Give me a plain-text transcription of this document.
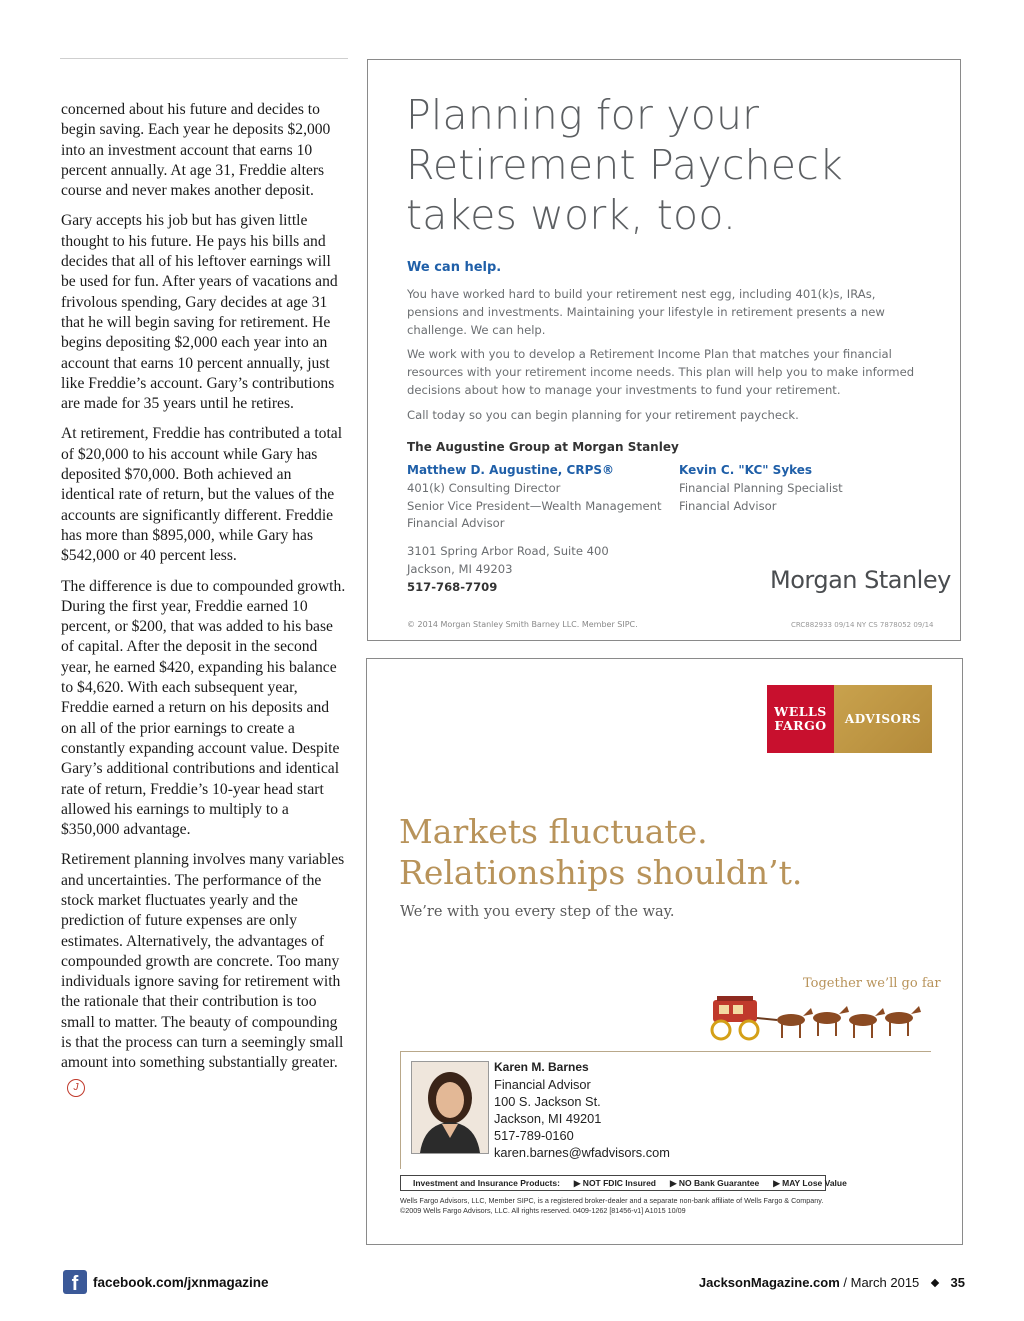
concerned about his future and decides to begin saving. Each year he deposits $2,000 into an investment account that earns 10 percent annually. At age 31, Freddie alters course and never makes another deposit.

Gary accepts his job but has given little thought to his future. He pays his bills and decides that all of his leftover earnings will be used for fun. After years of vacations and frivolous spending, Gary decides at age 31 that he will begin saving for retirement. He begins depositing $2,000 each year into an account that earns 10 percent annually, just like Freddie’s account. Gary’s contributions are made for 35 years until he retires.

At retirement, Freddie has contributed a total of $20,000 to his account while Gary has deposited $70,000. Both achieved an identical rate of return, but the values of the accounts are significantly different. Freddie has more than $895,000, while Gary has $542,000 or 40 percent less.

The difference is due to compounded growth. During the first year, Freddie earned 10 percent, or $200, that was added to his base of capital. After the deposit in the second year, he earned $420, expanding his balance to $4,620. With each subsequent year, Freddie earned a return on his deposits and on all of the prior earnings to create a constantly expanding account value. Despite Gary’s additional contributions and identical rate of return, Freddie’s 10-year head start allowed his earnings to multiply to a $350,000 advantage.

Retirement planning involves many variables and uncertainties. The performance of the stock market fluctuates yearly and the prediction of future expenses are only estimates. Alternatively, the advantages of compounded growth are concrete. Too many individuals ignore saving for retirement with the rationale that their contribution is too small to matter. The beauty of compounding is that the process can turn a seemingly small amount into something substantially greater.J

Planning for your
Retirement Paycheck
takes work, too.
We can help.
You have worked hard to build your retirement nest egg, including 401(k)s, IRAs, pensions and investments. Maintaining your lifestyle in retirement presents a new challenge. We can help.
We work with you to develop a Retirement Income Plan that matches your financial resources with your retirement income needs. This plan will help you to make informed decisions about how to manage your investments to fund your retirement.
Call today so you can begin planning for your retirement paycheck.
The Augustine Group at Morgan Stanley
Matthew D. Augustine, CRPS®
401(k) Consulting Director
Senior Vice President—Wealth Management
Financial Advisor
Kevin C. "KC" Sykes
Financial Planning Specialist
Financial Advisor
3101 Spring Arbor Road, Suite 400
Jackson, MI 49203
517-768-7709	Morgan Stanley
© 2014 Morgan Stanley Smith Barney LLC. Member SIPC.	CRC882933 09/14 NY CS 7878052 09/14
WELLS
FARGO	ADVISORS
Markets fluctuate.
Relationships shouldn’t.
We’re with you every step of the way.
Together we’ll go far
Karen M. Barnes
Financial Advisor
100 S. Jackson St.
Jackson, MI 49201
517-789-0160
karen.barnes@wfadvisors.com
Investment and Insurance Products: ▶ NOT FDIC Insured ▶ NO Bank Guarantee ▶ MAY Lose Value
Wells Fargo Advisors, LLC, Member SIPC, is a registered broker-dealer and a separate non-bank affiliate of Wells Fargo & Company.
©2009 Wells Fargo Advisors, LLC. All rights reserved. 0409-1262 [81456-v1] A1015 10/09
f	facebook.com/jxnmagazine	JacksonMagazine.com / March 2015 35
